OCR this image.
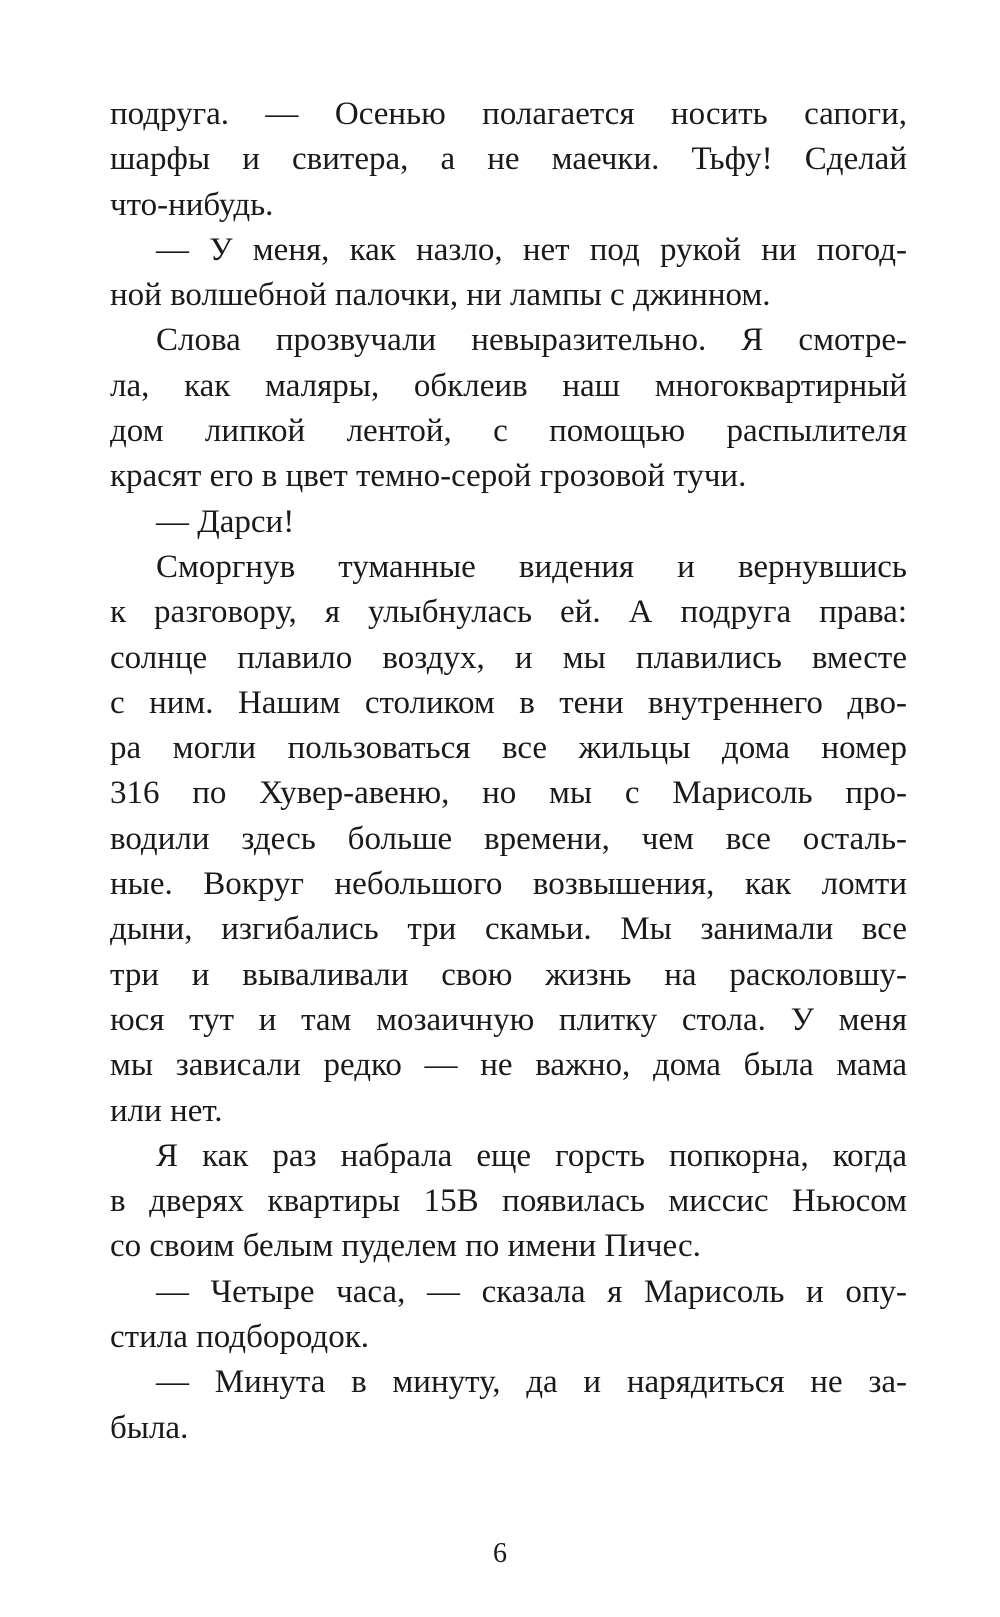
подруга. — Осенью полагается носить сапоги,
шарфы и свитера, а не маечки. Тьфу! Сделай
что-нибудь.
— У меня, как назло, нет под рукой ни погод-
ной волшебной палочки, ни лампы с джинном.
Слова прозвучали невыразительно. Я смотре-
ла, как маляры, обклеив наш многоквартирный
дом липкой лентой, с помощью распылителя
красят его в цвет темно-серой грозовой тучи.
— Дарси!
Сморгнув туманные видения и вернувшись
к разговору, я улыбнулась ей. А подруга права:
солнце плавило воздух, и мы плавились вместе
с ним. Нашим столиком в тени внутреннего дво-
ра могли пользоваться все жильцы дома номер
316 по Хувер-авеню, но мы с Марисоль про-
водили здесь больше времени, чем все осталь-
ные. Вокруг небольшого возвышения, как ломти
дыни, изгибались три скамьи. Мы занимали все
три и вываливали свою жизнь на расколовшу-
юся тут и там мозаичную плитку стола. У меня
мы зависали редко — не важно, дома была мама
или нет.
Я как раз набрала еще горсть попкорна, когда
в дверях квартиры 15В появилась миссис Ньюсом
со своим белым пуделем по имени Пичес.
— Четыре часа, — сказала я Марисоль и опу-
стила подбородок.
— Минута в минуту, да и нарядиться не за-
была.
6
